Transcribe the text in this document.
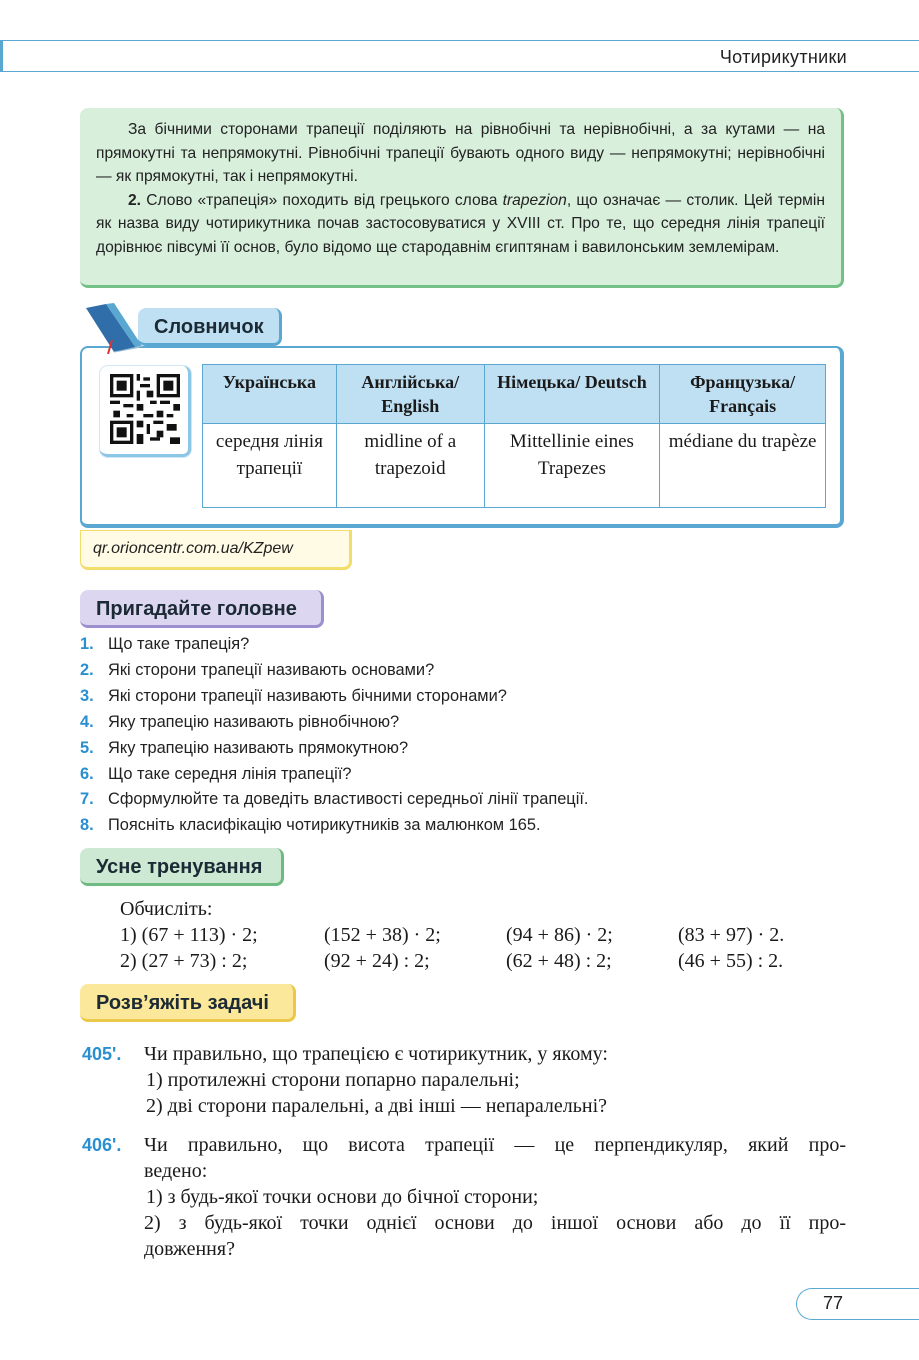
Чотирикутники

За бічними сторонами трапеції поділяють на рівнобічні та нерівнобічні, а за кутами — на прямокутні та непрямокутні. Рівнобічні трапеції бувають одного виду — непрямокутні; нерівнобічні — як прямокутні, так і непрямокутні.

2. Слово «трапеція» походить від грецького слова trapezion, що означає — столик. Цей термін як назва виду чотирикутника почав застосовуватися у XVIII ст. Про те, що середня лінія трапеції дорівнює півсумі її основ, було відомо ще стародавнім єгиптянам і вавилонським землемірам.

Словничок
Українська	Англійська/ English	Німецька/ Deutsch	Французька/ Français
середня лінія трапеції	midline of a trapezoid	Mittellinie eines Trapezes	médiane du trapèze
qr.orioncentr.com.ua/KZpew
Пригадайте головне
1. Що таке трапеція?
2. Які сторони трапеції називають основами?
3. Які сторони трапеції називають бічними сторонами?
4. Яку трапецію називають рівнобічною?
5. Яку трапецію називають прямокутною?
6. Що таке середня лінія трапеції?
7. Сформулюйте та доведіть властивості середньої лінії трапеції.
8. Поясніть класифікацію чотирикутників за малюнком 165.
Усне тренування
Обчисліть:
1) (67 + 113) · 2;	(152 + 38) · 2;	(94 + 86) · 2;	(83 + 97) · 2.
2) (27 + 73) : 2;	(92 + 24) : 2;	(62 + 48) : 2;	(46 + 55) : 2.
Розв’яжіть задачі
405'. Чи правильно, що трапецією є чотирикутник, у якому:
1) протилежні сторони попарно паралельні;
2) дві сторони паралельні, а дві інші — непаралельні?
406'. Чи правильно, що висота трапеції — це перпендикуляр, який про-
ведено:
1) з будь-якої точки основи до бічної сторони;
2) з будь-якої точки однієї основи до іншої основи або до її про-
довження?
77
